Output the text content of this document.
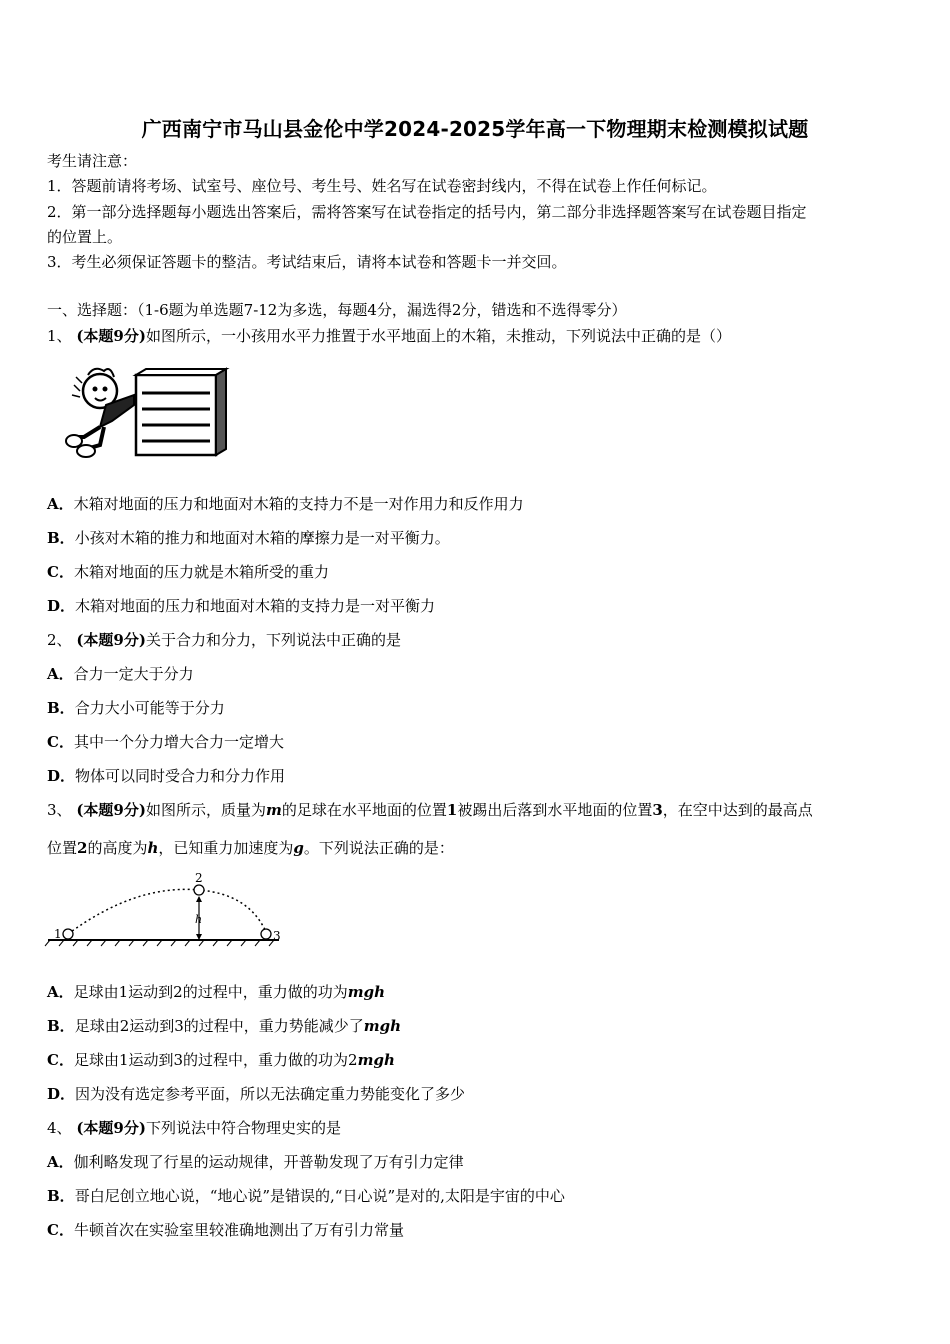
广西南宁市马山县金伦中学2024-2025学年高一下物理期末检测模拟试题
考生请注意：
1．答题前请将考场、试室号、座位号、考生号、姓名写在试卷密封线内，不得在试卷上作任何标记。
2．第一部分选择题每小题选出答案后，需将答案写在试卷指定的括号内，第二部分非选择题答案写在试卷题目指定
的位置上。
3．考生必须保证答题卡的整洁。考试结束后，请将本试卷和答题卡一并交回。
一、选择题：（1-6题为单选题7-12为多选，每题4分，漏选得2分，错选和不选得零分）
1、 (本题9分)如图所示，一小孩用水平力推置于水平地面上的木箱，未推动，下列说法中正确的是（）
A．木箱对地面的压力和地面对木箱的支持力不是一对作用力和反作用力
B．小孩对木箱的推力和地面对木箱的摩擦力是一对平衡力。
C．木箱对地面的压力就是木箱所受的重力
D．木箱对地面的压力和地面对木箱的支持力是一对平衡力
2、 (本题9分)关于合力和分力，下列说法中正确的是
A．合力一定大于分力
B．合力大小可能等于分力
C．其中一个分力增大合力一定增大
D．物体可以同时受合力和分力作用
3、 (本题9分)如图所示，质量为m的足球在水平地面的位置1被踢出后落到水平地面的位置3，在空中达到的最高点
位置2的高度为h，已知重力加速度为g。下列说法正确的是：
1
2
3
h
A．足球由1运动到2的过程中，重力做的功为mgh
B．足球由2运动到3的过程中，重力势能减少了mgh
C．足球由1运动到3的过程中，重力做的功为2mgh
D．因为没有选定参考平面，所以无法确定重力势能变化了多少
4、 (本题9分)下列说法中符合物理史实的是
A．伽利略发现了行星的运动规律，开普勒发现了万有引力定律
B．哥白尼创立地心说，“地心说”是错误的,“日心说”是对的,太阳是宇宙的中心
C．牛顿首次在实验室里较准确地测出了万有引力常量
